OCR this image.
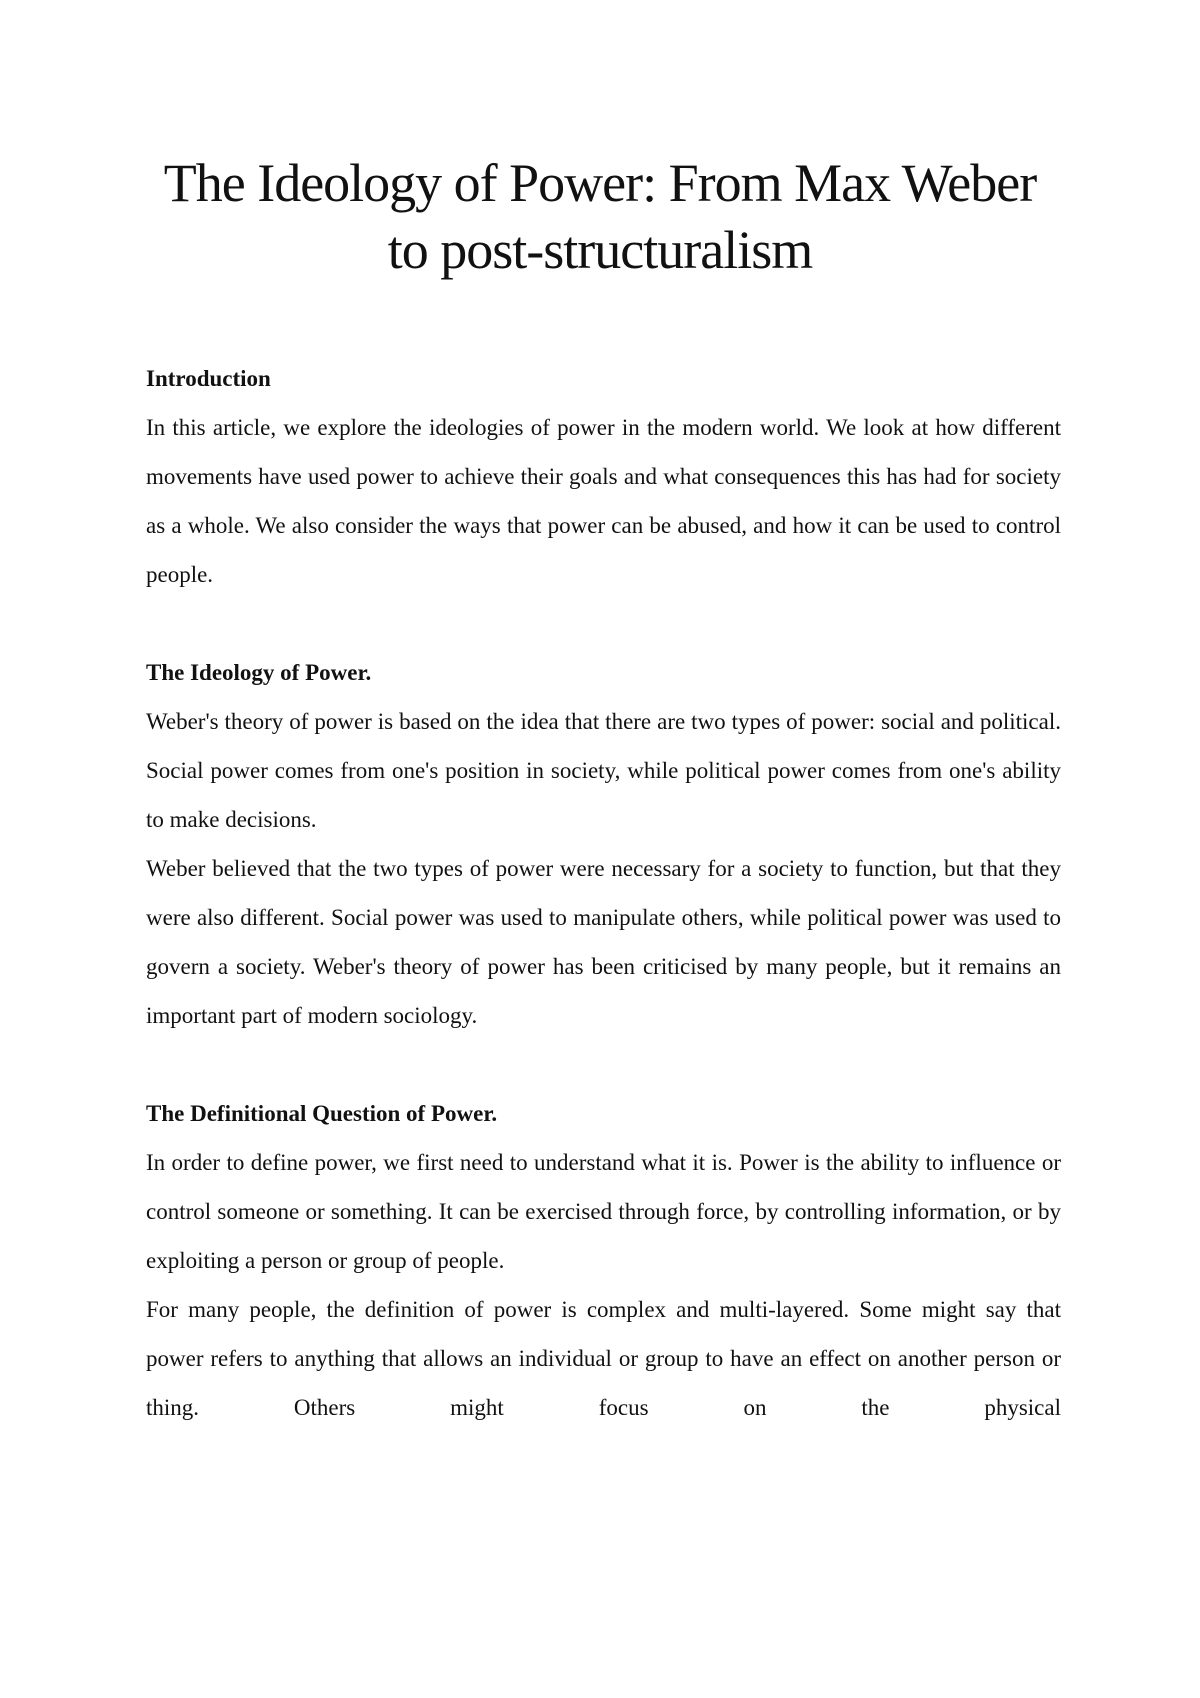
The Ideology of Power: From Max Weber to post-structuralism
Introduction

In this article, we explore the ideologies of power in the modern world. We look at how different movements have used power to achieve their goals and what consequences this has had for society as a whole. We also consider the ways that power can be abused, and how it can be used to control people.

The Ideology of Power.

Weber's theory of power is based on the idea that there are two types of power: social and political. Social power comes from one's position in society, while political power comes from one's ability to make decisions.

Weber believed that the two types of power were necessary for a society to function, but that they were also different. Social power was used to manipulate others, while political power was used to govern a society. Weber's theory of power has been criticised by many people, but it remains an important part of modern sociology.

The Definitional Question of Power.

In order to define power, we first need to understand what it is. Power is the ability to influence or control someone or something. It can be exercised through force, by controlling information, or by exploiting a person or group of people.

For many people, the definition of power is complex and multi-layered. Some might say that power refers to anything that allows an individual or group to have an effect on another person or thing. Others might focus on the physical
